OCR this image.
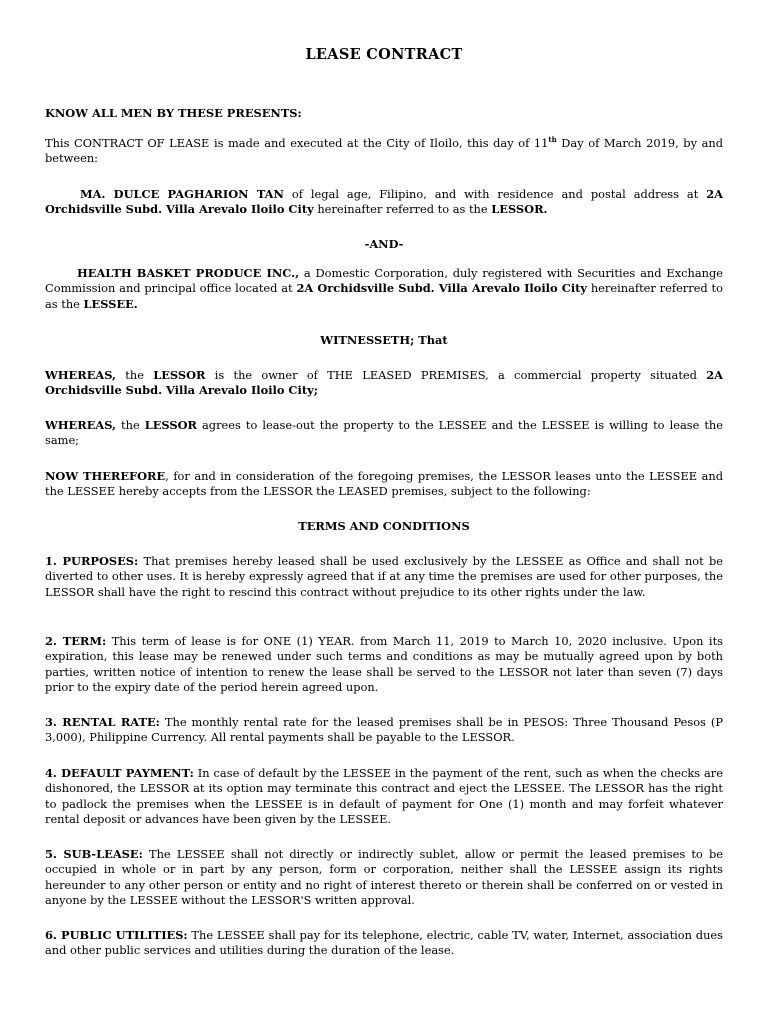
LEASE CONTRACT

KNOW ALL MEN BY THESE PRESENTS:

This CONTRACT OF LEASE is made and executed at the City of Iloilo, this day of 11th Day of March 2019, by and between:

MA. DULCE PAGHARION TAN of legal age, Filipino, and with residence and postal address at 2A Orchidsville Subd. Villa Arevalo Iloilo City hereinafter referred to as the LESSOR.

-AND-

HEALTH BASKET PRODUCE INC., a Domestic Corporation, duly registered with Securities and Exchange Commission and principal office located at 2A Orchidsville Subd. Villa Arevalo Iloilo City hereinafter referred to as the LESSEE.

WITNESSETH; That

WHEREAS, the LESSOR is the owner of THE LEASED PREMISES, a commercial property situated 2A Orchidsville Subd. Villa Arevalo Iloilo City;

WHEREAS, the LESSOR agrees to lease-out the property to the LESSEE and the LESSEE is willing to lease the same;

NOW THEREFORE, for and in consideration of the foregoing premises, the LESSOR leases unto the LESSEE and the LESSEE hereby accepts from the LESSOR the LEASED premises, subject to the following:

TERMS AND CONDITIONS

1. PURPOSES: That premises hereby leased shall be used exclusively by the LESSEE as Office and shall not be diverted to other uses. It is hereby expressly agreed that if at any time the premises are used for other purposes, the LESSOR shall have the right to rescind this contract without prejudice to its other rights under the law.

2. TERM: This term of lease is for ONE (1) YEAR. from March 11, 2019 to March 10, 2020 inclusive. Upon its expiration, this lease may be renewed under such terms and conditions as may be mutually agreed upon by both parties, written notice of intention to renew the lease shall be served to the LESSOR not later than seven (7) days prior to the expiry date of the period herein agreed upon.

3. RENTAL RATE: The monthly rental rate for the leased premises shall be in PESOS: Three Thousand Pesos (P 3,000), Philippine Currency. All rental payments shall be payable to the LESSOR.

4. DEFAULT PAYMENT: In case of default by the LESSEE in the payment of the rent, such as when the checks are dishonored, the LESSOR at its option may terminate this contract and eject the LESSEE. The LESSOR has the right to padlock the premises when the LESSEE is in default of payment for One (1) month and may forfeit whatever rental deposit or advances have been given by the LESSEE.

5. SUB-LEASE: The LESSEE shall not directly or indirectly sublet, allow or permit the leased premises to be occupied in whole or in part by any person, form or corporation, neither shall the LESSEE assign its rights hereunder to any other person or entity and no right of interest thereto or therein shall be conferred on or vested in anyone by the LESSEE without the LESSOR'S written approval.

6. PUBLIC UTILITIES: The LESSEE shall pay for its telephone, electric, cable TV, water, Internet, association dues and other public services and utilities during the duration of the lease.
